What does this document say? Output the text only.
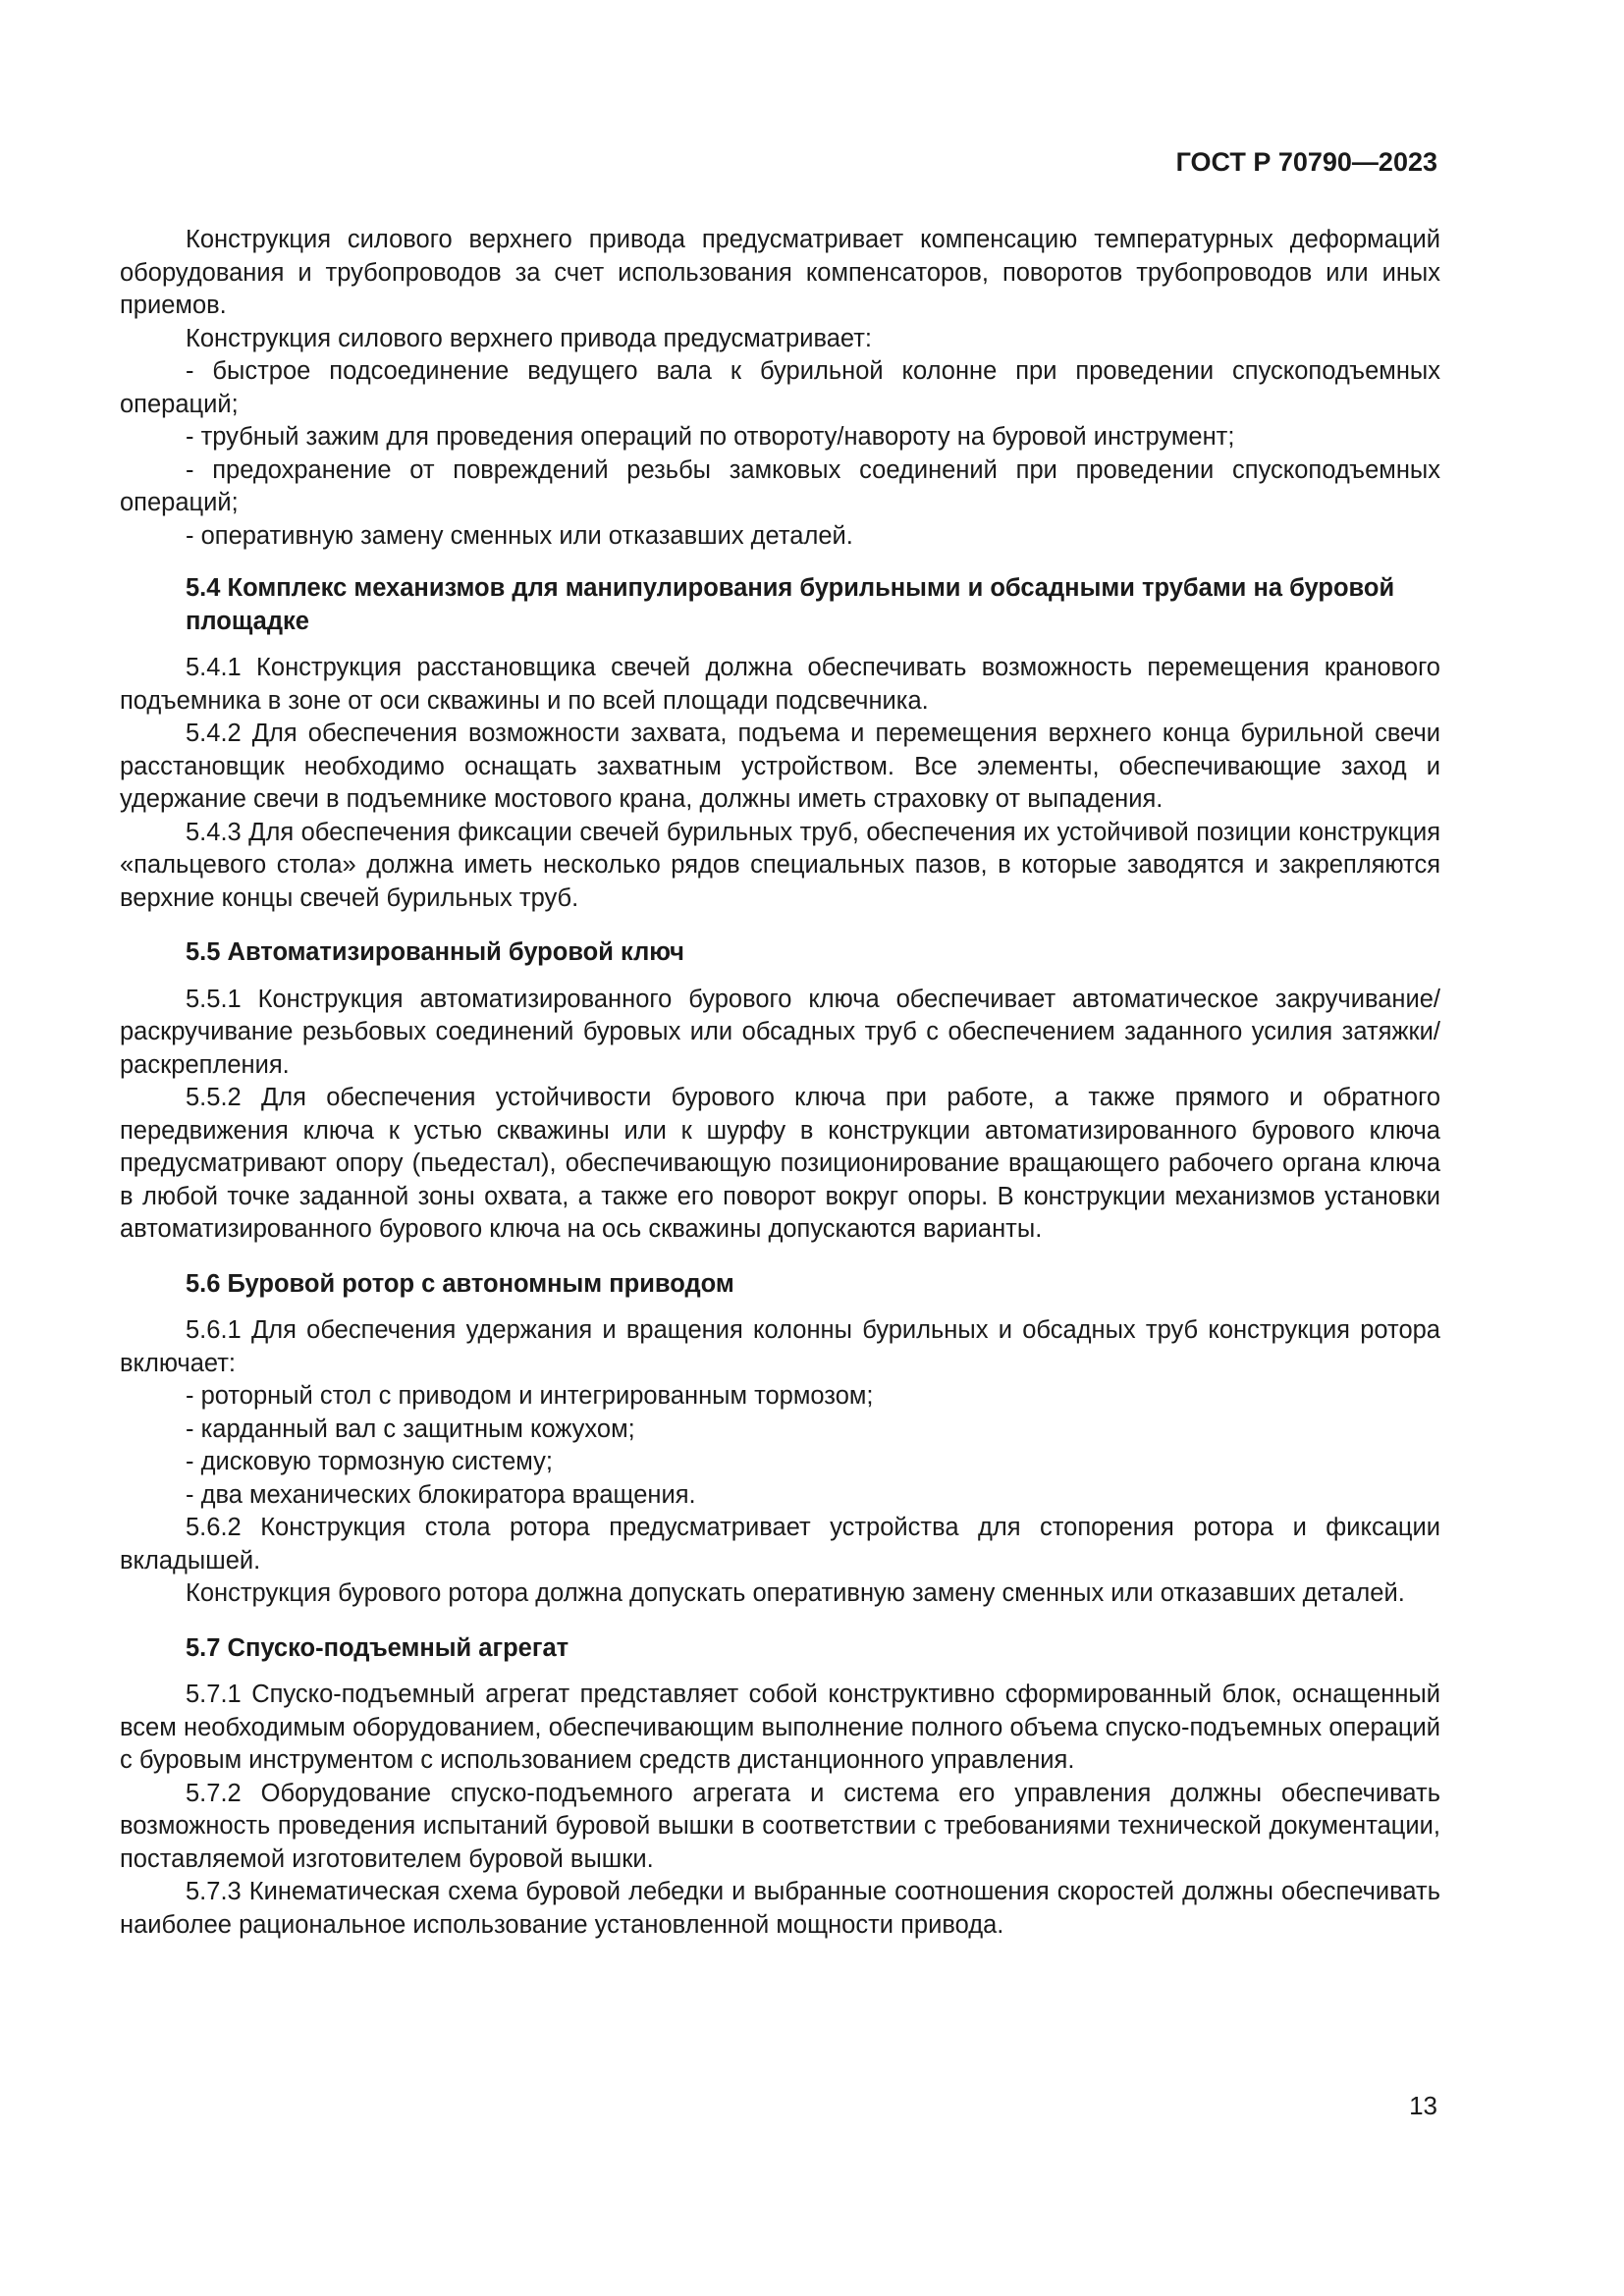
ГОСТ Р 70790—2023

Конструкция силового верхнего привода предусматривает компенсацию температурных деформаций оборудования и трубопроводов за счет использования компенсаторов, поворотов трубопроводов или иных приемов.

Конструкция силового верхнего привода предусматривает:

- быстрое подсоединение ведущего вала к бурильной колонне при проведении спускоподъемных операций;

- трубный зажим для проведения операций по отвороту/навороту на буровой инструмент;

- предохранение от повреждений резьбы замковых соединений при проведении спускоподъемных операций;

- оперативную замену сменных или отказавших деталей.

5.4 Комплекс механизмов для манипулирования бурильными и обсадными трубами на буровой площадке

5.4.1 Конструкция расстановщика свечей должна обеспечивать возможность перемещения кранового подъемника в зоне от оси скважины и по всей площади подсвечника.

5.4.2 Для обеспечения возможности захвата, подъема и перемещения верхнего конца бурильной свечи расстановщик необходимо оснащать захватным устройством. Все элементы, обеспечивающие заход и удержание свечи в подъемнике мостового крана, должны иметь страховку от выпадения.

5.4.3 Для обеспечения фиксации свечей бурильных труб, обеспечения их устойчивой позиции конструкция «пальцевого стола» должна иметь несколько рядов специальных пазов, в которые заводятся и закрепляются верхние концы свечей бурильных труб.

5.5 Автоматизированный буровой ключ

5.5.1 Конструкция автоматизированного бурового ключа обеспечивает автоматическое закручивание/раскручивание резьбовых соединений буровых или обсадных труб с обеспечением заданного усилия затяжки/раскрепления.

5.5.2 Для обеспечения устойчивости бурового ключа при работе, а также прямого и обратного передвижения ключа к устью скважины или к шурфу в конструкции автоматизированного бурового ключа предусматривают опору (пьедестал), обеспечивающую позиционирование вращающего рабочего органа ключа в любой точке заданной зоны охвата, а также его поворот вокруг опоры. В конструкции механизмов установки автоматизированного бурового ключа на ось скважины допускаются варианты.

5.6 Буровой ротор с автономным приводом

5.6.1 Для обеспечения удержания и вращения колонны бурильных и обсадных труб конструкция ротора включает:

- роторный стол с приводом и интегрированным тормозом;

- карданный вал с защитным кожухом;

- дисковую тормозную систему;

- два механических блокиратора вращения.

5.6.2 Конструкция стола ротора предусматривает устройства для стопорения ротора и фиксации вкладышей.

Конструкция бурового ротора должна допускать оперативную замену сменных или отказавших деталей.

5.7 Спуско-подъемный агрегат

5.7.1 Спуско-подъемный агрегат представляет собой конструктивно сформированный блок, оснащенный всем необходимым оборудованием, обеспечивающим выполнение полного объема спуско-подъемных операций с буровым инструментом с использованием средств дистанционного управления.

5.7.2 Оборудование спуско-подъемного агрегата и система его управления должны обеспечивать возможность проведения испытаний буровой вышки в соответствии с требованиями технической документации, поставляемой изготовителем буровой вышки.

5.7.3 Кинематическая схема буровой лебедки и выбранные соотношения скоростей должны обеспечивать наиболее рациональное использование установленной мощности привода.

13
